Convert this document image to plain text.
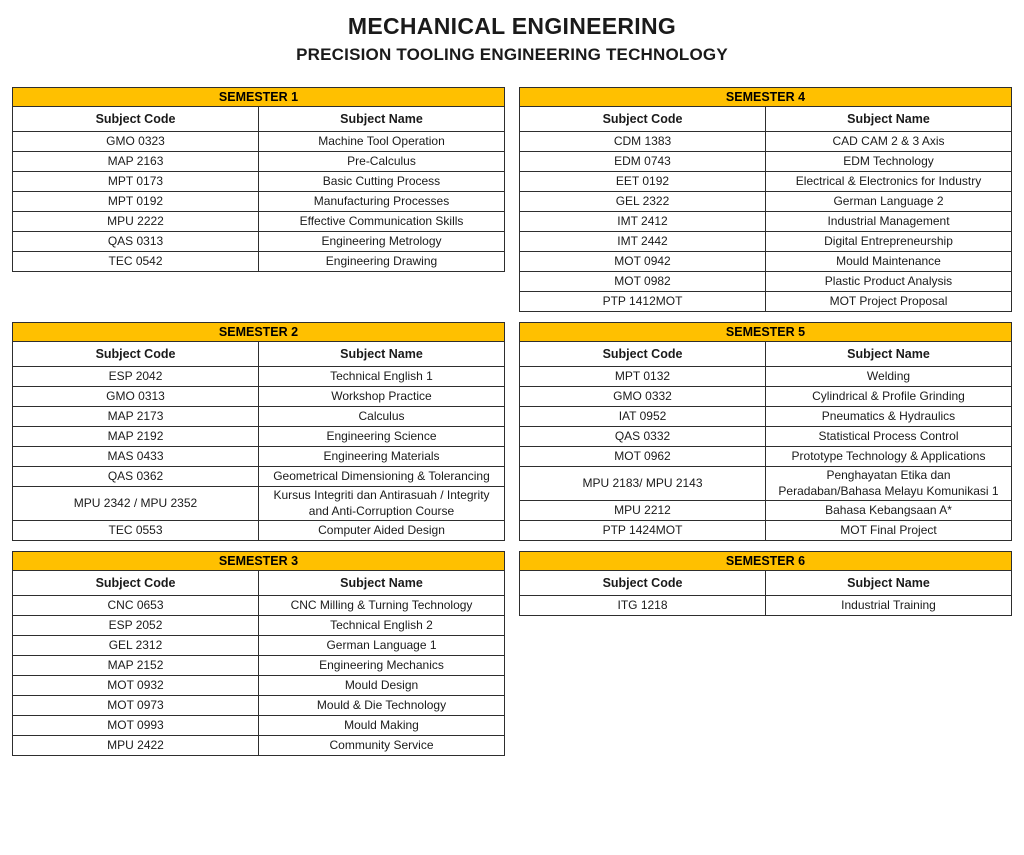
MECHANICAL ENGINEERING
PRECISION TOOLING ENGINEERING TECHNOLOGY
SEMESTER 1	
Subject Code	Subject Name
GMO 0323	Machine Tool Operation
MAP 2163	Pre-Calculus
MPT 0173	Basic Cutting Process
MPT 0192	Manufacturing Processes
MPU 2222	Effective Communication Skills
QAS 0313	Engineering Metrology
TEC 0542	Engineering Drawing
SEMESTER 2	
Subject Code	Subject Name
ESP 2042	Technical English 1
GMO 0313	Workshop Practice
MAP 2173	Calculus
MAP 2192	Engineering Science
MAS 0433	Engineering Materials
QAS 0362	Geometrical Dimensioning & Tolerancing
MPU 2342 / MPU 2352	Kursus Integriti dan Antirasuah / Integrity and Anti-Corruption Course
TEC 0553	Computer Aided Design
SEMESTER 3	
Subject Code	Subject Name
CNC 0653	CNC Milling & Turning Technology
ESP 2052	Technical English 2
GEL 2312	German Language 1
MAP 2152	Engineering Mechanics
MOT 0932	Mould Design
MOT 0973	Mould & Die Technology
MOT 0993	Mould Making
MPU 2422	Community Service
SEMESTER 4	
Subject Code	Subject Name
CDM 1383	CAD CAM 2 & 3 Axis
EDM 0743	EDM Technology
EET 0192	Electrical & Electronics for Industry
GEL 2322	German Language 2
IMT 2412	Industrial Management
IMT 2442	Digital Entrepreneurship
MOT 0942	Mould Maintenance
MOT 0982	Plastic Product Analysis
PTP 1412MOT	MOT Project Proposal
SEMESTER 5	
Subject Code	Subject Name
MPT 0132	Welding
GMO 0332	Cylindrical & Profile Grinding
IAT 0952	Pneumatics & Hydraulics
QAS 0332	Statistical Process Control
MOT 0962	Prototype Technology & Applications
MPU 2183/ MPU 2143	Penghayatan Etika dan Peradaban/Bahasa Melayu Komunikasi 1
MPU 2212	Bahasa Kebangsaan A*
PTP 1424MOT	MOT Final Project
SEMESTER 6	
Subject Code	Subject Name
ITG 1218	Industrial Training
